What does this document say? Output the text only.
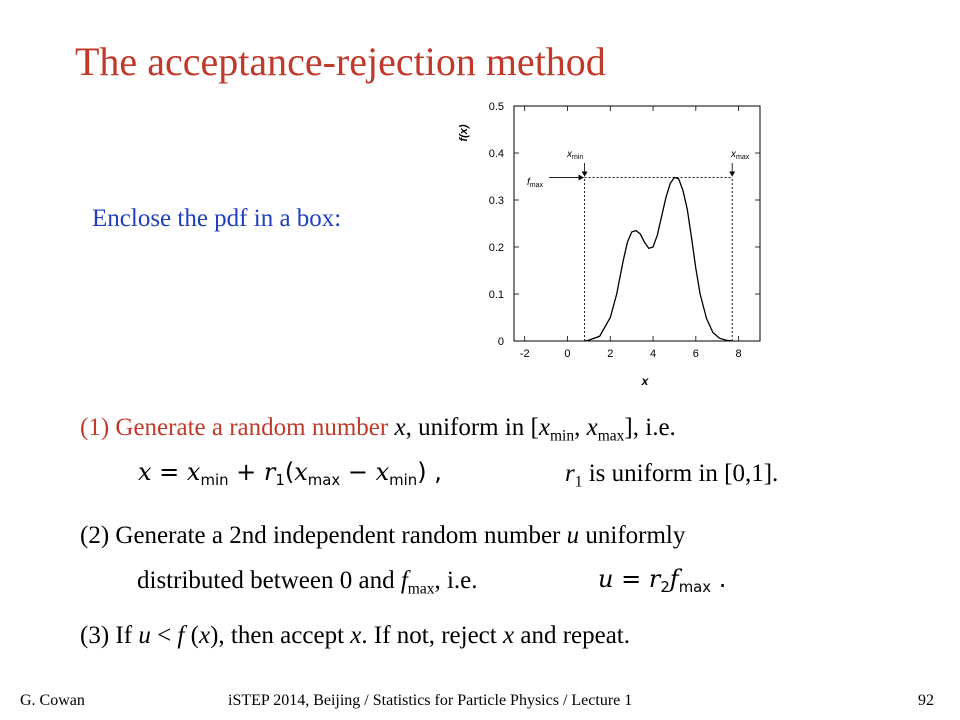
The acceptance-rejection method
Enclose the pdf in a box:
-2	0	2	4	6	8
0
0.1
0.2
0.3
0.4
0.5
$f_{max}$
$x_{min}$	$x_{max}$
f(x)
x
(1) Generate a random number x, uniform in [$x_{min}$, $x_{max}$], i.e.
$x = x_{min} + r_1(x_{max} - x_{min})$ ,	$r_1$ is uniform in [0,1].
(2) Generate a 2nd independent random number u uniformly
distributed between 0 and $f_{max}$, i.e.	$u = r_2f_{max}$ .
(3) If u < f (x), then accept x. If not, reject x and repeat.
G. Cowan	iSTEP 2014, Beijing / Statistics for Particle Physics / Lecture 1	92
